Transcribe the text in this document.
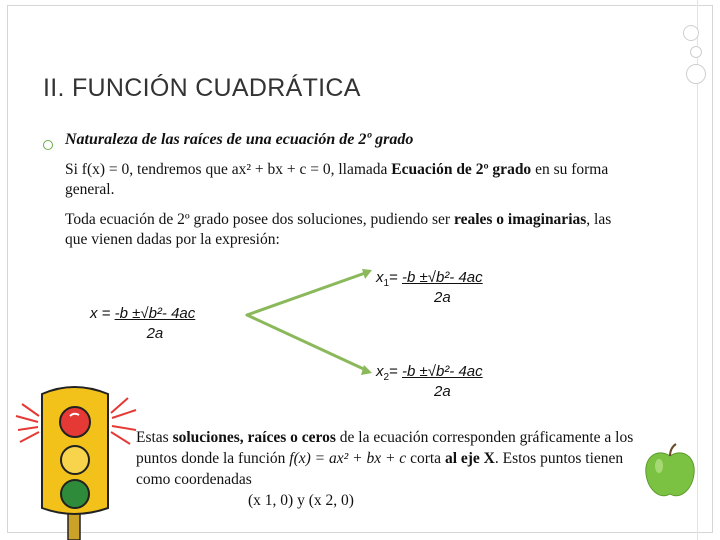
II. FUNCIÓN CUADRÁTICA
Naturaleza de las raíces de una ecuación de 2º grado
Si f(x) = 0, tendremos que ax² + bx + c = 0, llamada Ecuación de 2º grado en su forma general.
Toda ecuación de 2º grado posee dos soluciones, pudiendo ser reales o imaginarias, las que vienen dadas por la expresión:
$x = \frac{\text{-b ±√b²- 4ac}}{2a}$
$x_1= \frac{\text{-b ±√b²- 4ac}}{2a}$
$x_2= \frac{\text{-b ±√b²- 4ac}}{2a}$
Estas soluciones, raíces o ceros de la ecuación corresponden gráficamente a los puntos donde la función f(x) = ax² + bx + c corta al eje X. Estos puntos tienen como coordenadas
(x 1, 0) y (x 2, 0)
